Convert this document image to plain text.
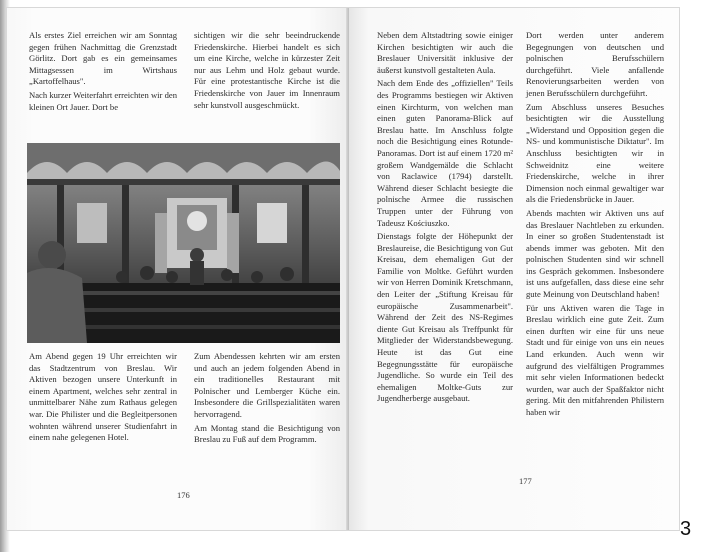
Als erstes Ziel erreichen wir am Sonntag gegen frühen Nachmittag die Grenzstadt Görlitz. Dort gab es ein gemeinsames Mittagsessen im Wirtshaus „Kartoffelhaus".

Nach kurzer Weiterfahrt erreichten wir den kleinen Ort Jauer. Dort be

sichtigen wir die sehr beeindruckende Friedenskirche. Hierbei handelt es sich um eine Kirche, welche in kürzester Zeit nur aus Lehm und Holz gebaut wurde. Für eine protestantische Kirche ist die Friedenskirche von Jauer im Innenraum sehr kunstvoll ausgeschmückt.

Am Abend gegen 19 Uhr erreichten wir das Stadtzentrum von Breslau. Wir Aktiven bezogen unsere Unterkunft in einem Apartment, welches sehr zentral in unmittelbarer Nähe zum Rathaus gelegen war. Die Philister und die Begleitpersonen wohnten während unserer Studienfahrt in einem nahe gelegenen Hotel.

Zum Abendessen kehrten wir am ersten und auch an jedem folgenden Abend in ein traditionelles Restaurant mit Polnischer und Lemberger Küche ein. Insbesondere die Grillspezialitäten waren hervorragend.

Am Montag stand die Besichtigung von Breslau zu Fuß auf dem Programm.

176

Neben dem Altstadtring sowie einiger Kirchen besichtigten wir auch die Breslauer Universität inklusive der äußerst kunstvoll gestalteten Aula.

Nach dem Ende des „offiziellen" Teils des Programms bestiegen wir Aktiven einen Kirchturm, von welchen man einen guten Panorama-Blick auf Breslau hatte. Im Anschluss folgte noch die Besichtigung eines Rotunde-Panoramas. Dort ist auf einem 1720 m² großem Wandgemälde die Schlacht von Raclawice (1794) darstellt. Während dieser Schlacht besiegte die polnische Armee die russischen Truppen unter der Führung von Tadeusz Kościuszko.

Dienstags folgte der Höhepunkt der Breslaureise, die Besichtigung von Gut Kreisau, dem ehemaligen Gut der Familie von Moltke. Geführt wurden wir von Herren Dominik Kretschmann, den Leiter der „Stiftung Kreisau für europäische Zusammenarbeit". Während der Zeit des NS-Regimes diente Gut Kreisau als Treffpunkt für Mitglieder der Widerstandsbewegung. Heute ist das Gut eine Begegnungsstätte für europäische Jugendliche. So wurde ein Teil des ehemaligen Moltke-Guts zur Jugendherberge ausgebaut.

Dort werden unter anderem Begegnungen von deutschen und polnischen Berufsschülern durchgeführt. Viele anfallende Renovierungsarbeiten werden von jenen Berufsschülern durchgeführt.

Zum Abschluss unseres Besuches besichtigten wir die Ausstellung „Widerstand und Opposition gegen die NS- und kommunistische Diktatur". Im Anschluss besichtigten wir in Schweidnitz eine weitere Friedenskirche, welche in ihrer Dimension noch einmal gewaltiger war als die Friedensbrücke in Jauer.

Abends machten wir Aktiven uns auf das Breslauer Nachtleben zu erkunden. In einer so großen Studentenstadt ist abends immer was geboten. Mit den polnischen Studenten sind wir schnell ins Gespräch gekommen. Insbesondere ist uns aufgefallen, dass diese eine sehr gute Meinung von Deutschland haben!

Für uns Aktiven waren die Tage in Breslau wirklich eine gute Zeit. Zum einen durften wir eine für uns neue Stadt und für einige von uns ein neues Land erkunden. Auch wenn wir aufgrund des vielfältigen Programmes mit sehr vielen Informationen bedeckt wurden, war auch der Spaßfaktor nicht gering. Mit den mitfahrenden Philistern haben wir

177
3
